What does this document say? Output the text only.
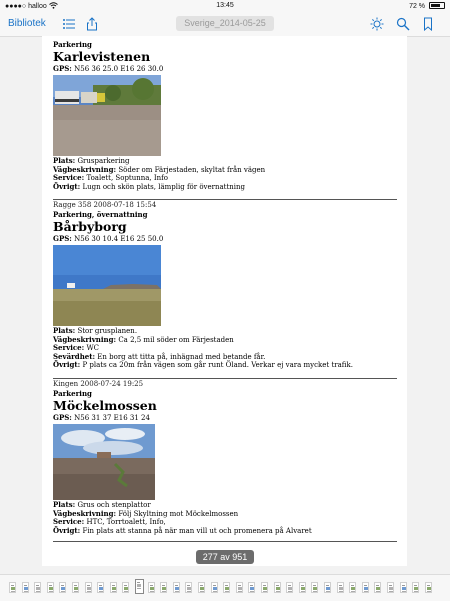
●●●●○ halloo	13:45	72 %
Bibliotek	Sverige_2014-05-25
Parkering
Karlevistenen
GPS: N56 36 25.0 E16 26 30.0
Plats: Grusparkering
Vägbeskrivning: Söder om Färjestaden, skyltat från vägen
Service: Toalett, Soptunna, Info
Övrigt: Lugn och skön plats, lämplig för övernattning
Ragge 358 2008-07-18 15:54
Parkering, övernattning
Bårbyborg
GPS: N56 30 10.4 E16 25 50.0
Plats: Stor grusplanen.
Vägbeskrivning: Ca 2,5 mil söder om Färjestaden
Service: WC
Sevärdhet: En borg att titta på, inhägnad med betande får.
Övrigt: P plats ca 20m från vägen som går runt Öland. Verkar ej vara mycket trafik.
Kingen 2008-07-24 19:25
Parkering
Möckelmossen
GPS: N56 31 37 E16 31 24
Plats: Grus och stenplattor
Vägbeskrivning: Följ Skyltning mot Möckelmossen
Service: HTC, Torrtoalett, Info,
Övrigt: Fin plats att stanna på när man vill ut och promenera på Alvaret
277 av 951
